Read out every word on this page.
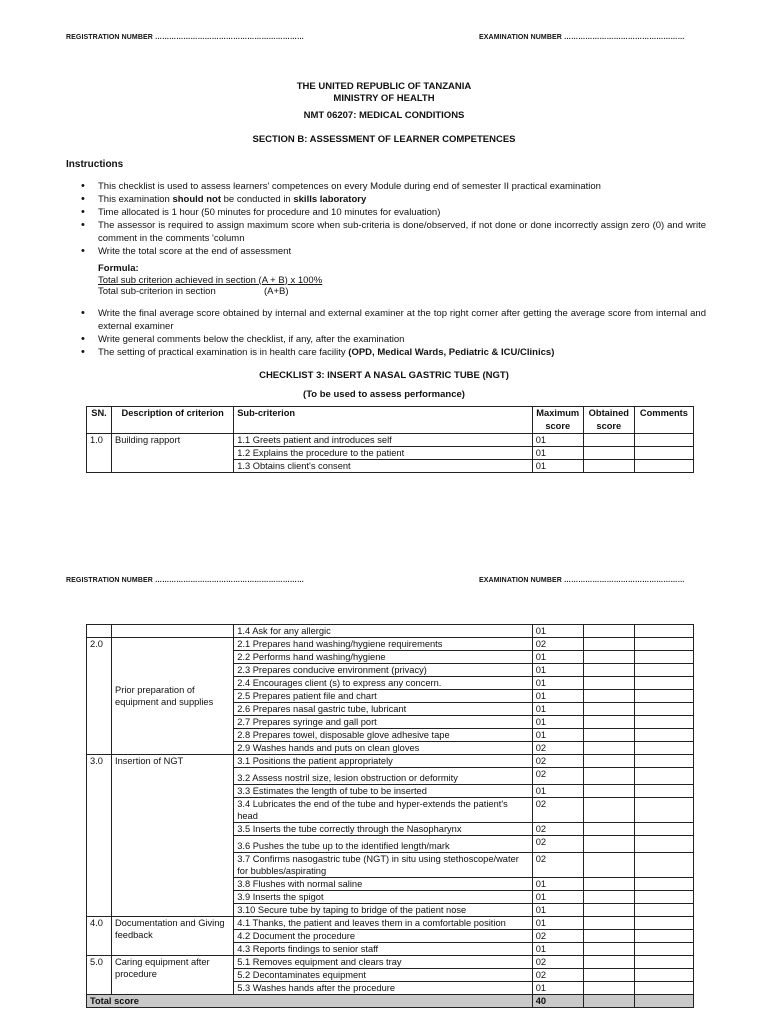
REGISTRATION NUMBER ………………………………………………………	EXAMINATION NUMBER ……………………………………………
THE UNITED REPUBLIC OF TANZANIA
MINISTRY OF HEALTH
NMT 06207: MEDICAL CONDITIONS
SECTION B: ASSESSMENT OF LEARNER COMPETENCES
Instructions
• This checklist is used to assess learners' competences on every Module during end of semester II practical examination
• This examination should not be conducted in skills laboratory
• Time allocated is 1 hour (50 minutes for procedure and 10 minutes for evaluation)
• The assessor is required to assign maximum score when sub-criteria is done/observed, if not done or done incorrectly assign zero (0) and write comment in the comments 'column
• Write the total score at the end of assessment
Formula:
Total sub criterion achieved in section (A + B) x 100%
Total sub-criterion in section	(A+B)
• Write the final average score obtained by internal and external examiner at the top right corner after getting the average score from internal and external examiner
• Write general comments below the checklist, if any, after the examination
• The setting of practical examination is in health care facility (OPD, Medical Wards, Pediatric & ICU/Clinics)
CHECKLIST 3: INSERT A NASAL GASTRIC TUBE (NGT)
(To be used to assess performance)
SN.	Description of criterion	Sub-criterion	Maximum score	Obtained score	Comments
1.0	Building rapport	1.1 Greets patient and introduces self	01		
		1.2 Explains the procedure to the patient	01		
		1.3 Obtains client's consent	01		
REGISTRATION NUMBER ………………………………………………………	EXAMINATION NUMBER ……………………………………………
		1.4 Ask for any allergic	01		
2.0	Prior preparation of equipment and supplies	2.1 Prepares hand washing/hygiene requirements	02		
		2.2 Performs hand washing/hygiene	01		
		2.3 Prepares conducive environment (privacy)	01		
		2.4 Encourages client (s) to express any concern.	01		
		2.5 Prepares patient file and chart	01		
		2.6 Prepares nasal gastric tube, lubricant	01		
		2.7 Prepares syringe and gall port	01		
		2.8 Prepares towel, disposable glove adhesive tape	01		
		2.9 Washes hands and puts on clean gloves	02		
3.0	Insertion of NGT	3.1 Positions the patient appropriately	02		
		3.2 Assess nostril size, lesion obstruction or deformity	02		
		3.3 Estimates the length of tube to be inserted	01		
		3.4 Lubricates the end of the tube and hyper-extends the patient's head	02		
		3.5 Inserts the tube correctly through the Nasopharynx	02		
		3.6 Pushes the tube up to the identified length/mark	02		
		3.7 Confirms nasogastric tube (NGT) in situ using stethoscope/water for bubbles/aspirating	02		
		3.8 Flushes with normal saline	01		
		3.9 Inserts the spigot	01		
		3.10 Secure tube by taping to bridge of the patient nose	01		
4.0	Documentation and Giving feedback	4.1 Thanks, the patient and leaves them in a comfortable position	01		
		4.2 Document the procedure	02		
		4.3 Reports findings to senior staff	01		
5.0	Caring equipment after procedure	5.1 Removes equipment and clears tray	02		
		5.2 Decontaminates equipment	02		
		5.3 Washes hands after the procedure	01		
Total score			40		
